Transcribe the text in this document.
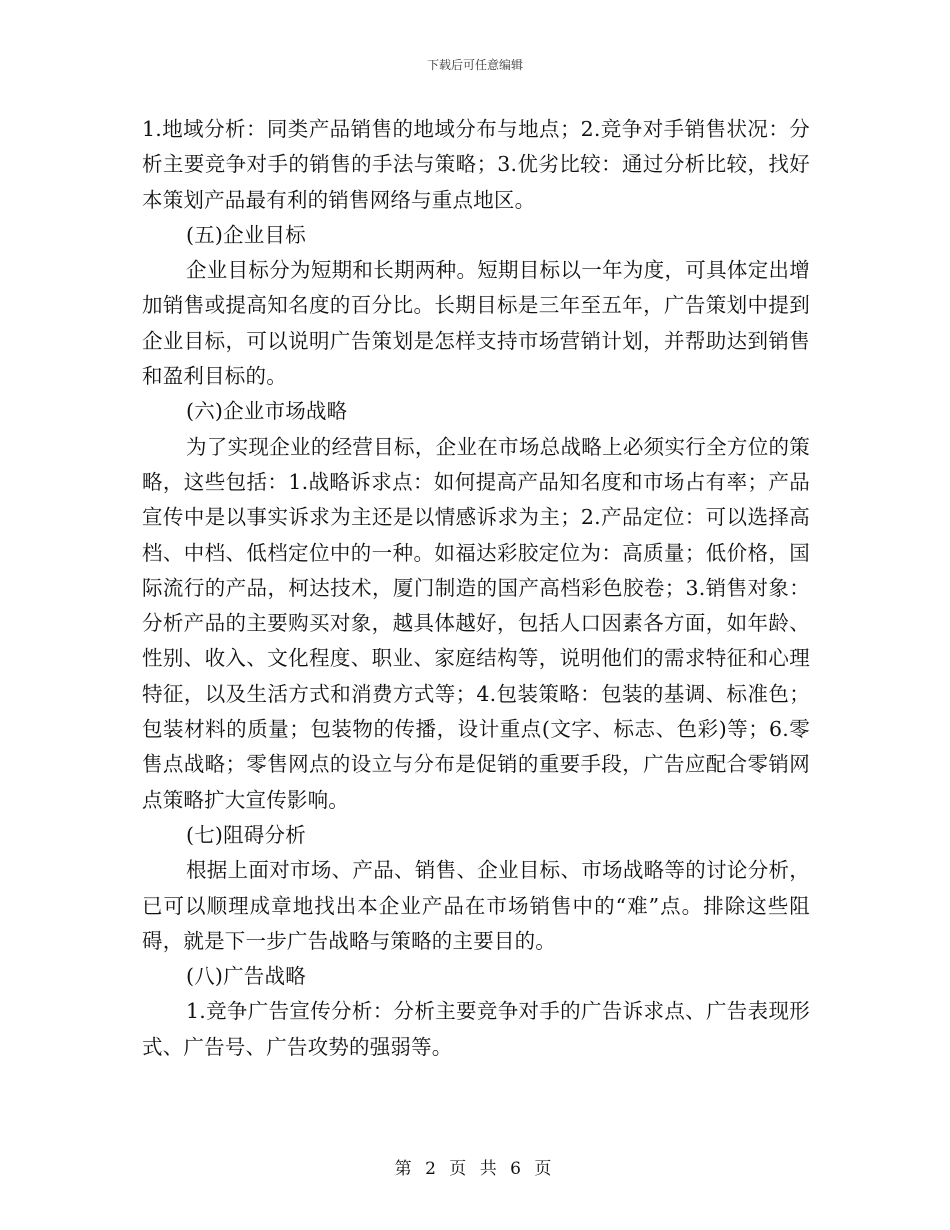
下载后可任意编辑

1.地域分析：同类产品销售的地域分布与地点；2.竞争对手销售状况：分析主要竞争对手的销售的手法与策略；3.优劣比较：通过分析比较，找好本策划产品最有利的销售网络与重点地区。

(五)企业目标

企业目标分为短期和长期两种。短期目标以一年为度，可具体定出增加销售或提高知名度的百分比。长期目标是三年至五年，广告策划中提到企业目标，可以说明广告策划是怎样支持市场营销计划，并帮助达到销售和盈利目标的。

(六)企业市场战略

为了实现企业的经营目标，企业在市场总战略上必须实行全方位的策略，这些包括：1.战略诉求点：如何提高产品知名度和市场占有率；产品宣传中是以事实诉求为主还是以情感诉求为主；2.产品定位：可以选择高档、中档、低档定位中的一种。如福达彩胶定位为：高质量；低价格，国际流行的产品，柯达技术，厦门制造的国产高档彩色胶卷；3.销售对象：分析产品的主要购买对象，越具体越好，包括人口因素各方面，如年龄、性别、收入、文化程度、职业、家庭结构等，说明他们的需求特征和心理特征，以及生活方式和消费方式等；4.包装策略：包装的基调、标准色；包装材料的质量；包装物的传播，设计重点(文字、标志、色彩)等；6.零售点战略；零售网点的设立与分布是促销的重要手段，广告应配合零销网点策略扩大宣传影响。

(七)阻碍分析

根据上面对市场、产品、销售、企业目标、市场战略等的讨论分析，已可以顺理成章地找出本企业产品在市场销售中的“难”点。排除这些阻碍，就是下一步广告战略与策略的主要目的。

(八)广告战略

1.竞争广告宣传分析：分析主要竞争对手的广告诉求点、广告表现形式、广告号、广告攻势的强弱等。

第 2 页 共 6 页
